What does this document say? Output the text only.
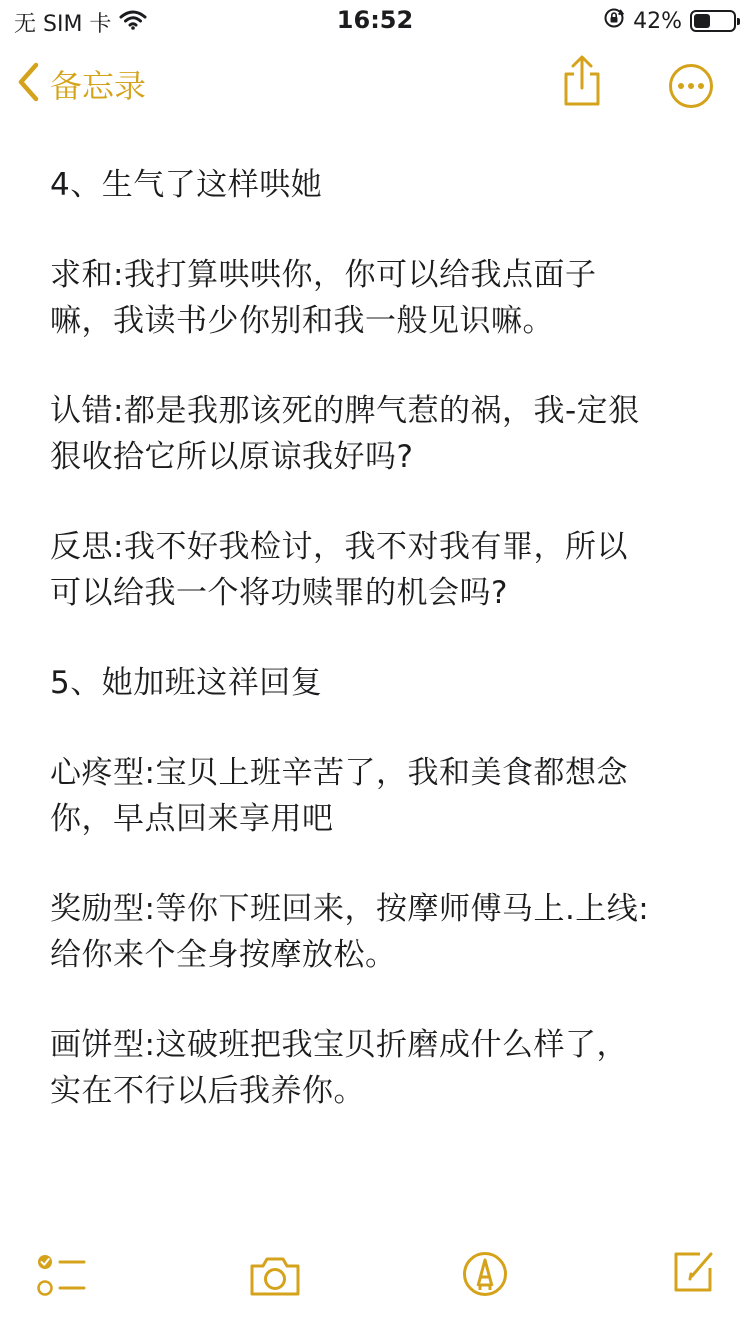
无 SIM 卡	16:52	42%
备忘录

4、生气了这样哄她

求和:我打算哄哄你，你可以给我点面子

嘛，我读书少你别和我一般见识嘛。

认错:都是我那该死的脾气惹的祸，我-定狠

狠收拾它所以原谅我好吗?

反思:我不好我检讨，我不对我有罪，所以

可以给我一个将功赎罪的机会吗?

5、她加班这祥回复

心疼型:宝贝上班辛苦了，我和美食都想念

你，早点回来享用吧

奖励型:等你下班回来，按摩师傅马上.上线:

给你来个全身按摩放松。

画饼型:这破班把我宝贝折磨成什么样了，

实在不行以后我养你。
